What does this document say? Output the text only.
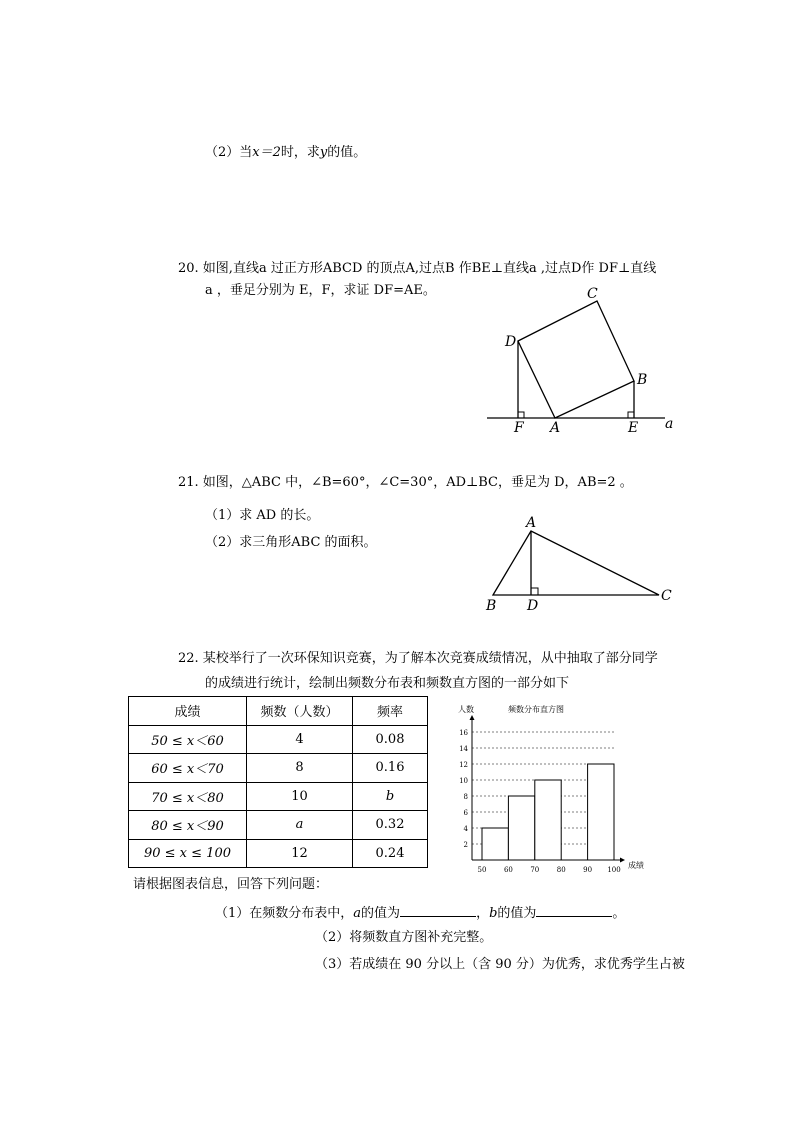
（2）当x＝2时，求y的值。
20. 如图,直线a 过正方形ABCD 的顶点A,过点B 作BE⊥直线a ,过点D作 DF⊥直线
a ，垂足分别为 E，F，求证 DF=AE。	C
D
B
F A	E a
A
B D
C
21. 如图，△ABC 中，∠B=60°，∠C=30°，AD⊥BC，垂足为 D，AB=2 。
（1）求 AD 的长。
（2）求三角形ABC 的面积。
22. 某校举行了一次环保知识竞赛，为了解本次竞赛成绩情况，从中抽取了部分同学
的成绩进行统计，绘制出频数分布表和频数直方图的一部分如下
成绩	频数（人数）	频率
50 ≤ x＜60	4	0.08
60 ≤ x＜70	8	0.16
70 ≤ x＜80	10	b
80 ≤ x＜90	a	0.32
90 ≤ x ≤ 100	12	0.24
人数	频数分布直方图
成绩
2
4
6
8
10
12
14
16
50 60 70 80 90 100
请根据图表信息，回答下列问题：
（1）在频数分布表中，a的值为	，b的值为	。
（2）将频数直方图补充完整。
（3）若成绩在 90 分以上（含 90 分）为优秀，求优秀学生占被
